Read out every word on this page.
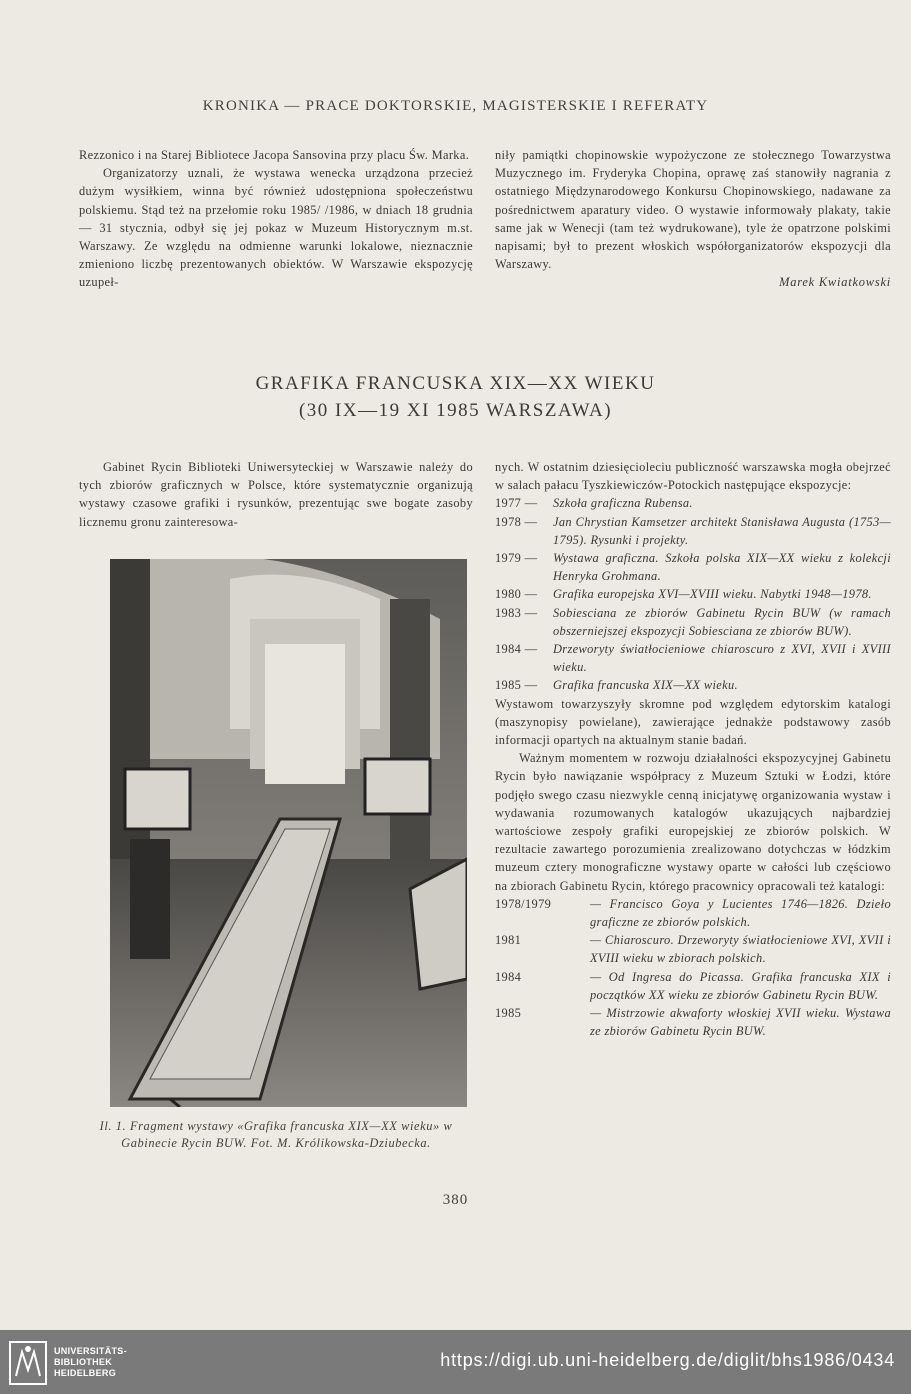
KRONIKA — PRACE DOKTORSKIE, MAGISTERSKIE I REFERATY

Rezzonico i na Starej Bibliotece Jacopa Sansovina przy placu Św. Marka.

Organizatorzy uznali, że wystawa wenecka urządzona przecież dużym wysiłkiem, winna być również udostępniona społeczeństwu polskiemu. Stąd też na przełomie roku 1985/ /1986, w dniach 18 grudnia — 31 stycznia, odbył się jej pokaz w Muzeum Historycznym m.st. Warszawy. Ze względu na odmienne warunki lokalowe, nieznacznie zmieniono liczbę prezentowanych obiektów. W Warszawie ekspozycję uzupeł-

niły pamiątki chopinowskie wypożyczone ze stołecznego Towarzystwa Muzycznego im. Fryderyka Chopina, oprawę zaś stanowiły nagrania z ostatniego Międzynarodowego Konkursu Chopinowskiego, nadawane za pośrednictwem aparatury video. O wystawie informowały plakaty, takie same jak w Wenecji (tam też wydrukowane), tyle że opatrzone polskimi napisami; był to prezent włoskich współorganizatorów ekspozycji dla Warszawy.

Marek Kwiatkowski

GRAFIKA FRANCUSKA XIX—XX WIEKU
(30 IX—19 XI 1985 WARSZAWA)

Gabinet Rycin Biblioteki Uniwersyteckiej w Warszawie należy do tych zbiorów graficznych w Polsce, które systematycznie organizują wystawy czasowe grafiki i rysunków, prezentując swe bogate zasoby licznemu gronu zainteresowa-

Il. 1. Fragment wystawy «Grafika francuska XIX—XX wieku» w Gabinecie Rycin BUW. Fot. M. Królikowska-Dziubecka.

nych. W ostatnim dziesięcioleciu publiczność warszawska mogła obejrzeć w salach pałacu Tyszkiewiczów-Potockich następujące ekspozycje:

1977 —	Szkoła graficzna Rubensa.
1978 —	Jan Chrystian Kamsetzer architekt Stanisława Augusta (1753—1795). Rysunki i projekty.
1979 —	Wystawa graficzna. Szkoła polska XIX—XX wieku z kolekcji Henryka Grohmana.
1980 —	Grafika europejska XVI—XVIII wieku. Nabytki 1948—1978.
1983 —	Sobiesciana ze zbiorów Gabinetu Rycin BUW (w ramach obszerniejszej ekspozycji Sobiesciana ze zbiorów BUW).
1984 —	Drzeworyty światłocieniowe chiaroscuro z XVI, XVII i XVIII wieku.
1985 —	Grafika francuska XIX—XX wieku.

Wystawom towarzyszyły skromne pod względem edytorskim katalogi (maszynopisy powielane), zawierające jednakże podstawowy zasób informacji opartych na aktualnym stanie badań.

Ważnym momentem w rozwoju działalności ekspozycyjnej Gabinetu Rycin było nawiązanie współpracy z Muzeum Sztuki w Łodzi, które podjęło swego czasu niezwykle cenną inicjatywę organizowania wystaw i wydawania rozumowanych katalogów ukazujących najbardziej wartościowe zespoły grafiki europejskiej ze zbiorów polskich. W rezultacie zawartego porozumienia zrealizowano dotychczas w łódzkim muzeum cztery monograficzne wystawy oparte w całości lub częściowo na zbiorach Gabinetu Rycin, którego pracownicy opracowali też katalogi:

1978/1979	— Francisco Goya y Lucientes 1746—1826. Dzieło graficzne ze zbiorów polskich.
1981	— Chiaroscuro. Drzeworyty światłocieniowe XVI, XVII i XVIII wieku w zbiorach polskich.
1984	— Od Ingresa do Picassa. Grafika francuska XIX i początków XX wieku ze zbiorów Gabinetu Rycin BUW.
1985	— Mistrzowie akwaforty włoskiej XVII wieku. Wystawa ze zbiorów Gabinetu Rycin BUW.
380
UNIVERSITÄTS-
BIBLIOTHEK
HEIDELBERG
https://digi.ub.uni-heidelberg.de/diglit/bhs1986/0434
